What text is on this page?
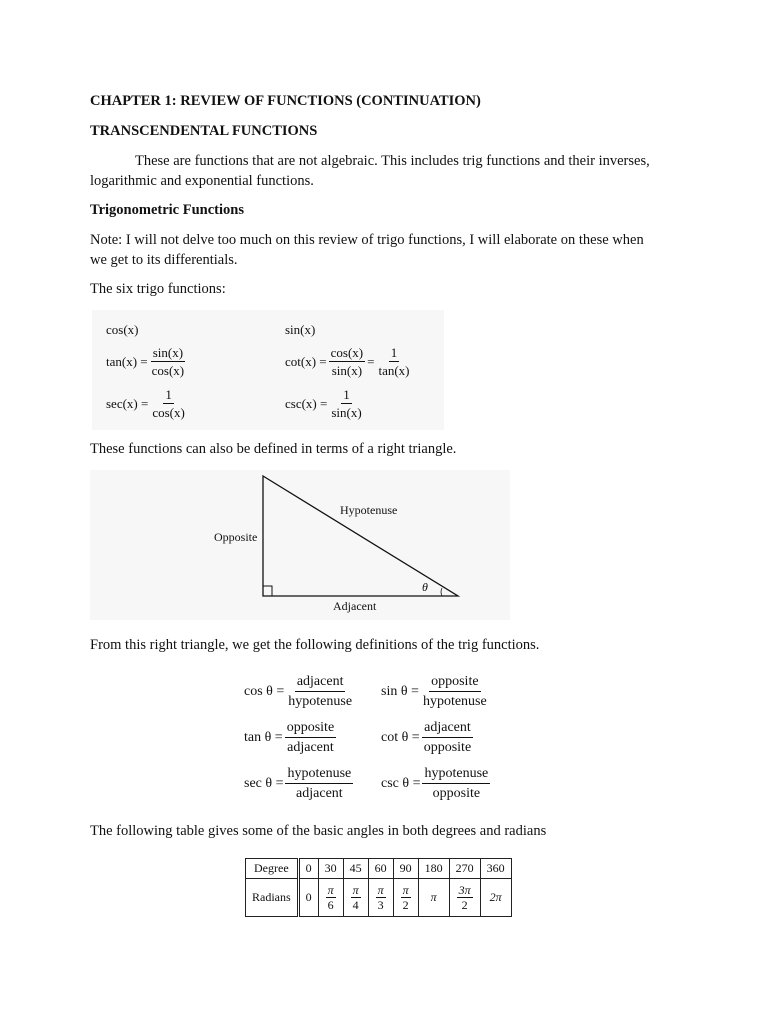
CHAPTER 1: REVIEW OF FUNCTIONS (CONTINUATION)
TRANSCENDENTAL FUNCTIONS
These are functions that are not algebraic. This includes trig functions and their inverses,
logarithmic and exponential functions.
Trigonometric Functions
Note: I will not delve too much on this review of trigo functions, I will elaborate on these when
we get to its differentials.
The six trigo functions:
cos(x)	sin(x)
$\tan(x) = \frac{\sin(x)}{\cos(x)}$	$\cot(x) = \frac{\cos(x)}{\sin(x)} = \frac{1}{\tan(x)}$
$\sec(x) = \frac{1}{\cos(x)}$	$\csc(x) = \frac{1}{\sin(x)}$
These functions can also be defined in terms of a right triangle.
Hypotenuse
Opposite
Adjacent
θ
From this right triangle, we get the following definitions of the trig functions.
$\cos \theta = \frac{\text{adjacent}}{\text{hypotenuse}}$ $\sin \theta = \frac{\text{opposite}}{\text{hypotenuse}}$
$\tan \theta = \frac{\text{opposite}}{\text{adjacent}}$	$\cot \theta = \frac{\text{adjacent}}{\text{opposite}}$
$\sec \theta = \frac{\text{hypotenuse}}{\text{adjacent}}$ $\csc \theta = \frac{\text{hypotenuse}}{\text{opposite}}$
The following table gives some of the basic angles in both degrees and radians
Degree	0	30	45	60	90	180	270	360
Radians	0	$\frac{\pi}{6}$	$\frac{\pi}{4}$	$\frac{\pi}{3}$	$\frac{\pi}{2}$	π	$\frac{3\pi}{2}$	2π
